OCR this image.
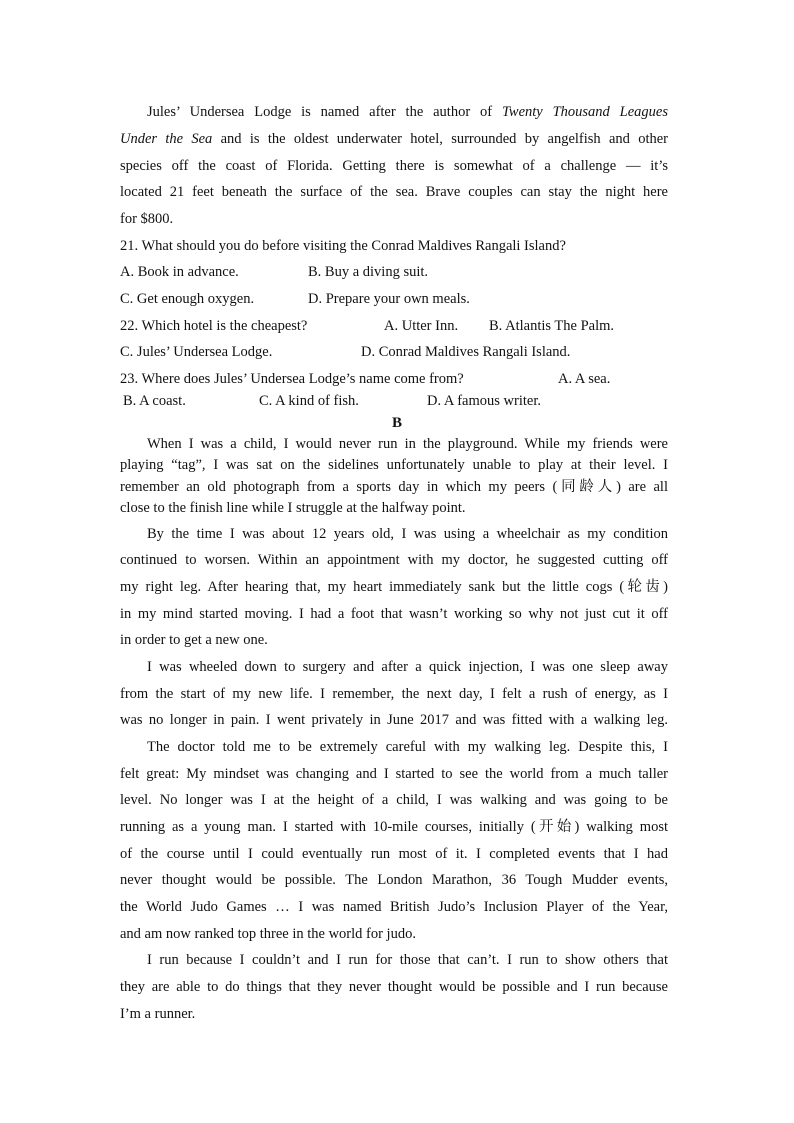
Jules’ Undersea Lodge is named after the author of Twenty Thousand Leagues
Under the Sea and is the oldest underwater hotel, surrounded by angelfish and other
species off the coast of Florida. Getting there is somewhat of a challenge — it’s
located 21 feet beneath the surface of the sea. Brave couples can stay the night here
for $800.
21. What should you do before visiting the Conrad Maldives Rangali Island?
A. Book in advance.	B. Buy a diving suit.
C. Get enough oxygen.	D. Prepare your own meals.
22. Which hotel is the cheapest?	A. Utter Inn. B. Atlantis The Palm.
C. Jules’ Undersea Lodge.	D. Conrad Maldives Rangali Island.
23. Where does Jules’ Undersea Lodge’s name come from?	A. A sea.
B. A coast.	C. A kind of fish.	D. A famous writer.
B
When I was a child, I would never run in the playground. While my friends were
playing “tag”, I was sat on the sidelines unfortunately unable to play at their level. I
remember an old photograph from a sports day in which my peers (同龄人) are all
close to the finish line while I struggle at the halfway point.
By the time I was about 12 years old, I was using a wheelchair as my condition
continued to worsen. Within an appointment with my doctor, he suggested cutting off
my right leg. After hearing that, my heart immediately sank but the little cogs (轮齿)
in my mind started moving. I had a foot that wasn’t working so why not just cut it off
in order to get a new one.
I was wheeled down to surgery and after a quick injection, I was one sleep away
from the start of my new life. I remember, the next day, I felt a rush of energy, as I
was no longer in pain. I went privately in June 2017 and was fitted with a walking leg.
The doctor told me to be extremely careful with my walking leg. Despite this, I
felt great: My mindset was changing and I started to see the world from a much taller
level. No longer was I at the height of a child, I was walking and was going to be
running as a young man. I started with 10-mile courses, initially (开始) walking most
of the course until I could eventually run most of it. I completed events that I had
never thought would be possible. The London Marathon, 36 Tough Mudder events,
the World Judo Games … I was named British Judo’s Inclusion Player of the Year,
and am now ranked top three in the world for judo.
I run because I couldn’t and I run for those that can’t. I run to show others that
they are able to do things that they never thought would be possible and I run because
I’m a runner.
